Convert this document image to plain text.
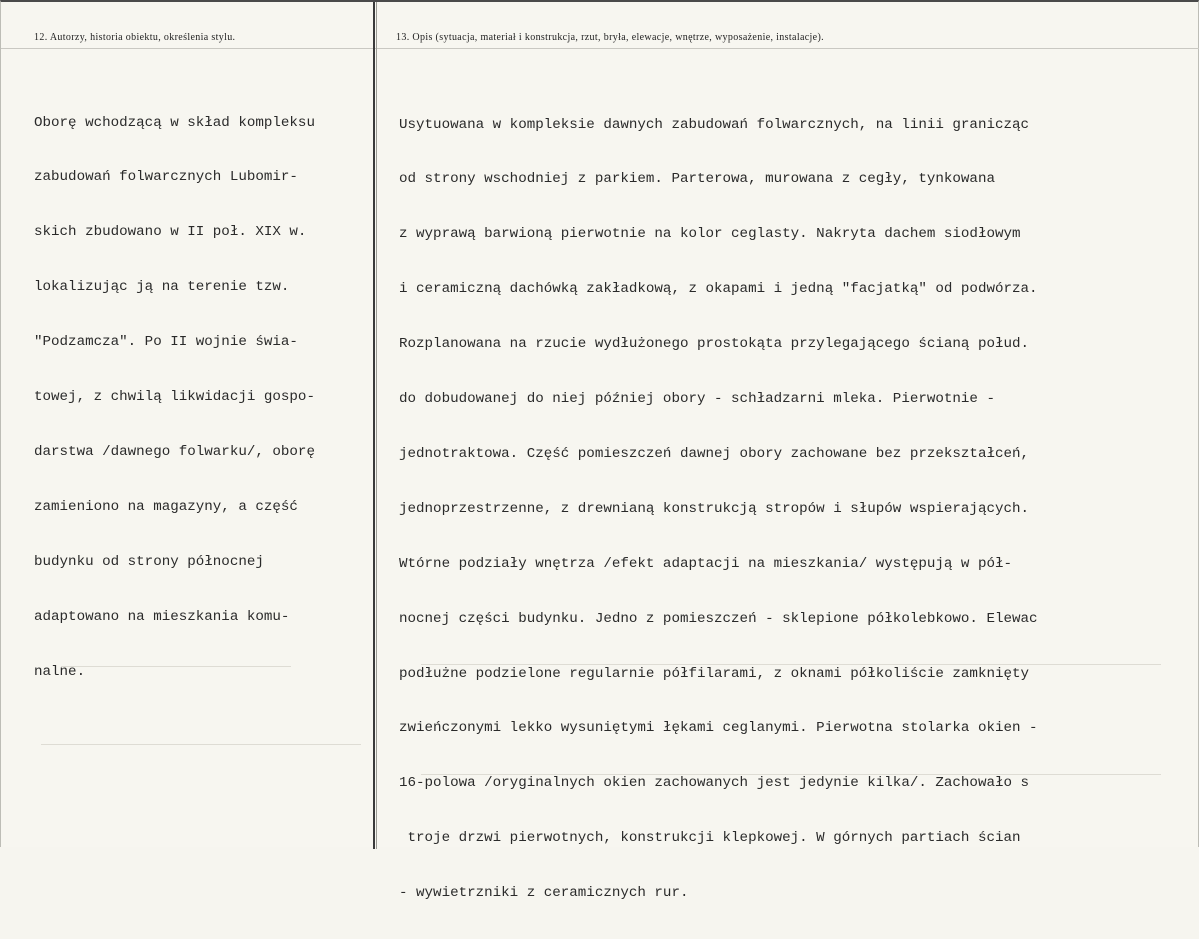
12. Autorzy, historia obiektu, określenia stylu.	13. Opis (sytuacja, materiał i konstrukcja, rzut, bryła, elewacje, wnętrze, wyposażenie, instalacje).

Oborę wchodzącą w skład kompleksu

zabudowań folwarcznych Lubomir-

skich zbudowano w II poł. XIX w.

lokalizując ją na terenie tzw.

"Podzamcza". Po II wojnie świa-

towej, z chwilą likwidacji gospo-

darstwa /dawnego folwarku/, oborę

zamieniono na magazyny, a część

budynku od strony północnej

adaptowano na mieszkania komu-

nalne.

Usytuowana w kompleksie dawnych zabudowań folwarcznych, na linii granicząc

od strony wschodniej z parkiem. Parterowa, murowana z cegły, tynkowana

z wyprawą barwioną pierwotnie na kolor ceglasty. Nakryta dachem siodłowym

i ceramiczną dachówką zakładkową, z okapami i jedną "facjatką" od podwórza.

Rozplanowana na rzucie wydłużonego prostokąta przylegającego ścianą połud.

do dobudowanej do niej później obory - schładzarni mleka. Pierwotnie -

jednotraktowa. Część pomieszczeń dawnej obory zachowane bez przekształceń,

jednoprzestrzenne, z drewnianą konstrukcją stropów i słupów wspierających.

Wtórne podziały wnętrza /efekt adaptacji na mieszkania/ występują w pół-

nocnej części budynku. Jedno z pomieszczeń - sklepione półkolebkowo. Elewac

podłużne podzielone regularnie półfilarami, z oknami półkoliście zamknięty

zwieńczonymi lekko wysuniętymi łękami ceglanymi. Pierwotna stolarka okien -

16-polowa /oryginalnych okien zachowanych jest jedynie kilka/. Zachowało s

troje drzwi pierwotnych, konstrukcji klepkowej. W górnych partiach ścian

- wywietrzniki z ceramicznych rur.
